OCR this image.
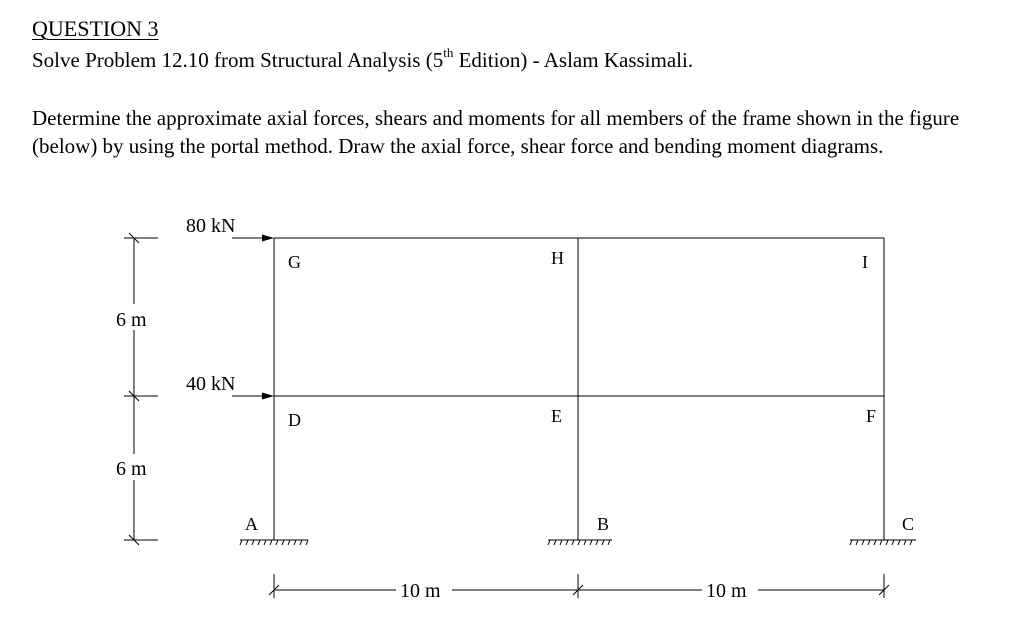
QUESTION 3

Solve Problem 12.10 from Structural Analysis (5th Edition) - Aslam Kassimali.

Determine the approximate axial forces, shears and moments for all members of the frame shown in the figure (below) by using the portal method. Draw the axial force, shear force and bending moment diagrams.

80 kN
40 kN
G	H	I
D	E	F
A	B	C
6 m
6 m
10 m	10 m
